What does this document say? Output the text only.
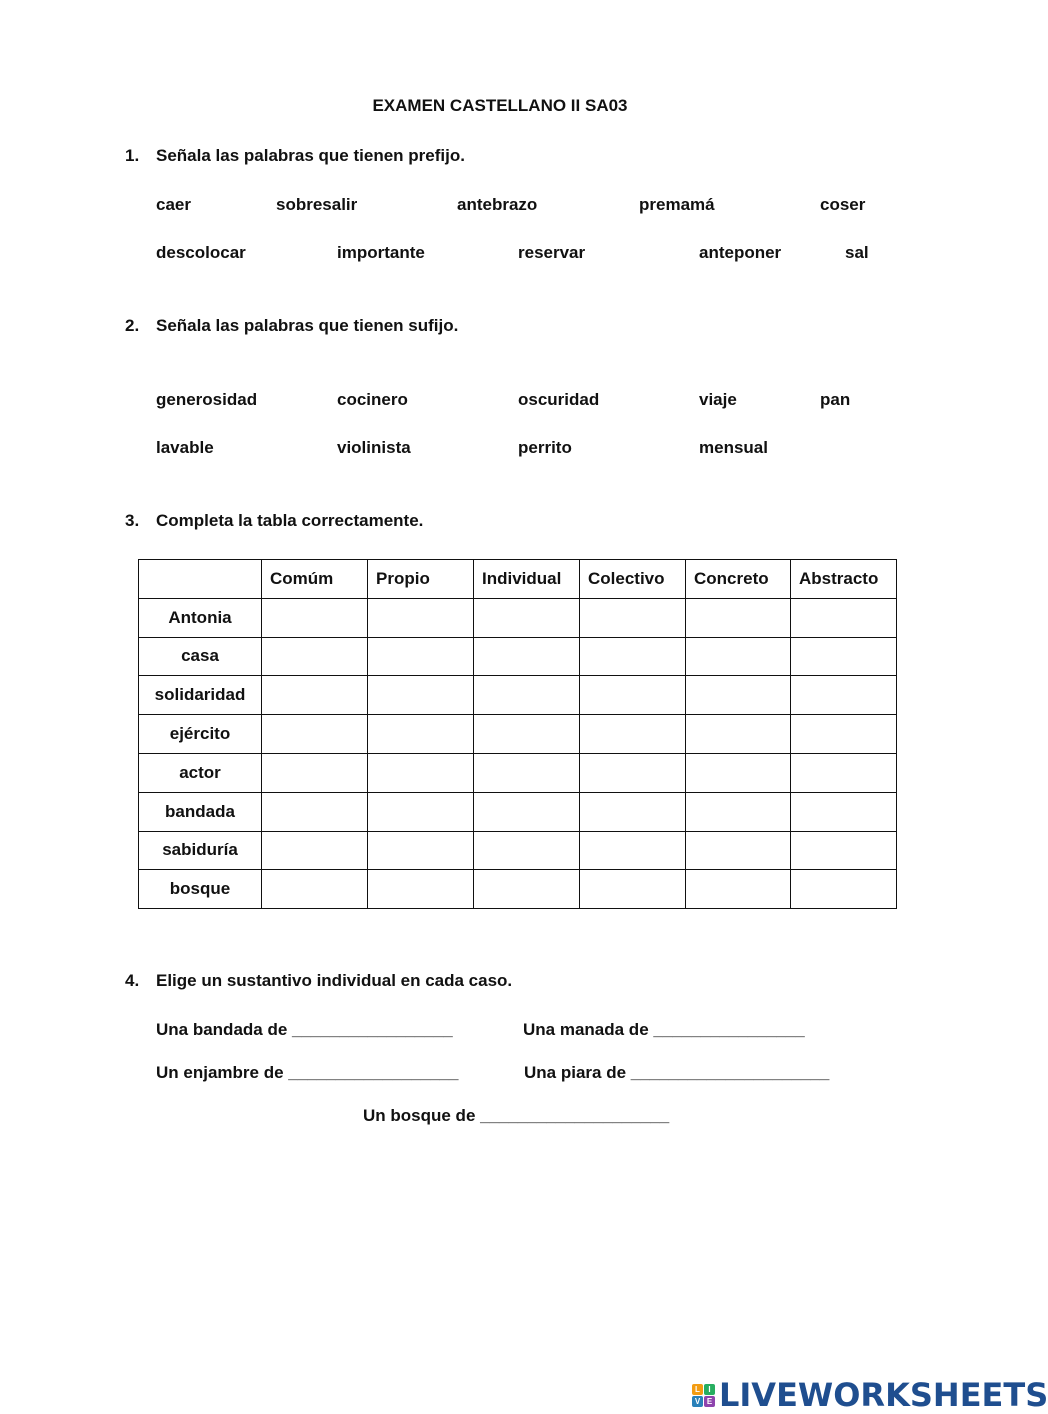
EXAMEN CASTELLANO II SA03
1. Señala las palabras que tienen prefijo.
caer	sobresalir	antebrazo	premamá	coser
descolocar	importante	reservar	anteponer	sal
2. Señala las palabras que tienen sufijo.
generosidad	cocinero	oscuridad	viaje	pan
lavable	violinista	perrito	mensual
3. Completa la tabla correctamente.
	Comúm	Propio	Individual	Colectivo	Concreto	Abstracto
Antonia						
casa						
solidaridad						
ejército						
actor						
bandada						
sabiduría						
bosque						
4. Elige un sustantivo individual en cada caso.
Una bandada de _________________	Una manada de ________________
Un enjambre de __________________	Una piara de _____________________
Un bosque de ____________________
L	I
V E LIVEWORKSHEETS
